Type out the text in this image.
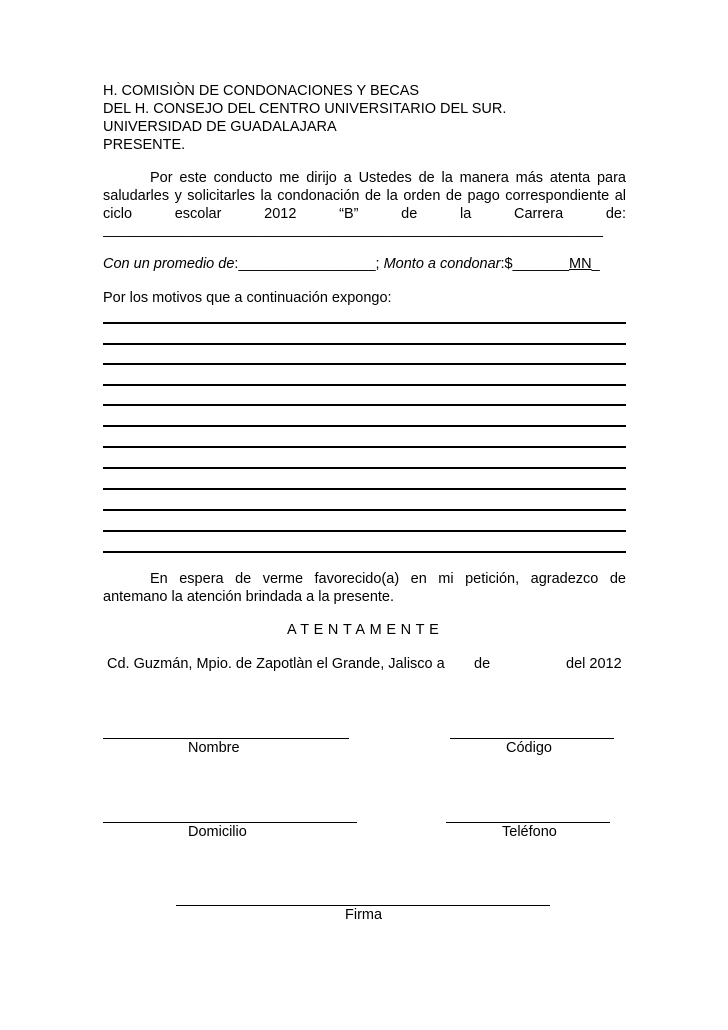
H. COMISIÒN DE CONDONACIONES Y BECAS
DEL H. CONSEJO DEL CENTRO UNIVERSITARIO DEL SUR.
UNIVERSIDAD DE GUADALAJARA
PRESENTE.
Por este conducto me dirijo a Ustedes de la manera más atenta para
saludarles y solicitarles la condonación de la orden de pago correspondiente al
ciclo escolar 2012 “B” de la Carrera de:
______________________________________________________________
Con un promedio de:_________________; Monto a condonar:$_______MN_
Por los motivos que a continuación expongo:
En espera de verme favorecido(a) en mi petición, agradezco de
antemano la atención brindada a la presente.
ATENTAMENTE
Cd. Guzmán, Mpio. de Zapotlàn el Grande, Jalisco a de	del 2012
Nombre	Código
Domicilio	Teléfono
Firma
